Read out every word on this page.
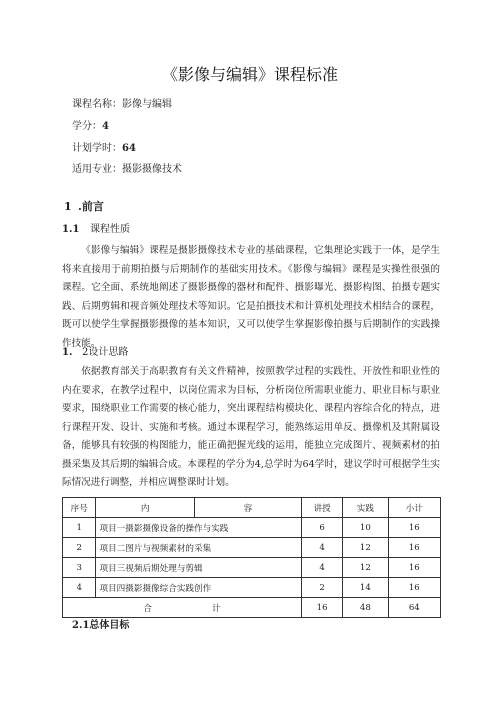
《影像与编辑》课程标准
课程名称：影像与编辑
学分：4
计划学时：64
适用专业：摄影摄像技术
1 .前言
1.1 课程性质
《影像与编辑》课程是摄影摄像技术专业的基础课程，它集理论实践于一体，是学生将来直接用于前期拍摄与后期制作的基础实用技术。《影像与编辑》课程是实操性很强的课程。它全面、系统地阐述了摄影摄像的器材和配件、摄影曝光、摄影构图、拍摄专题实践、后期剪辑和视音频处理技术等知识。它是拍摄技术和计算机处理技术相结合的课程，既可以使学生掌握摄影摄像的基本知识，又可以使学生掌握影像拍摄与后期制作的实践操作技能。
1. 2设计思路
依据教育部关于高职教育有关文件精神，按照教学过程的实践性、开放性和职业性的内在要求，在教学过程中，以岗位需求为目标，分析岗位所需职业能力、职业目标与职业要求，围绕职业工作需要的核心能力，突出课程结构模块化、课程内容综合化的特点，进行课程开发、设计、实施和考核。通过本课程学习，能熟练运用单反、摄像机及其附属设备，能够具有较强的构图能力，能正确把握光线的运用，能独立完成图片、视频素材的拍摄采集及其后期的编辑合成。本课程的学分为4,总学时为64学时，建议学时可根据学生实际情况进行调整，并相应调整课时计划。
序号	内	容	讲授	实践	小计
1	项目一摄影摄像设备的操作与实践		6	10	16
2	项目二图片与视频素材的采集		4	12	16
3	项目三视频后期处理与剪辑		4	12	16
4	项目四摄影摄像综合实践创作		2	14	16
合 计			16	48	64
2.1总体目标
